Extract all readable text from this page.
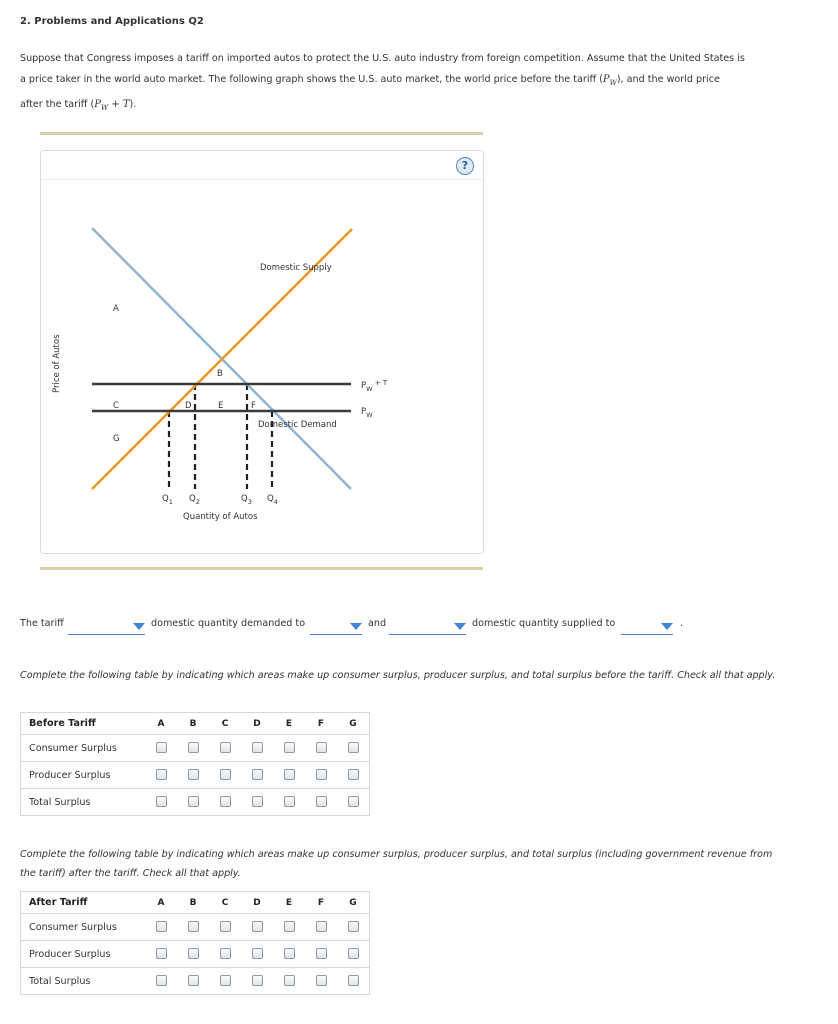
2. Problems and Applications Q2
Suppose that Congress imposes a tariff on imported autos to protect the U.S. auto industry from foreign competition. Assume that the United States is
a price taker in the world auto market. The following graph shows the U.S. auto market, the world price before the tariff $(P_W)$, and the world price
after the tariff $(P_W + T)$.
?
Price of Autos
Quantity of Autos
Domestic Supply
Domestic Demand
$P_W$ $^{+ T}$
$P_W$
A
B
C	D	E	F
G
$Q_1$ $Q_2$	$Q_3$ $Q_4$
The tariff	domestic quantity demanded to	and	domestic quantity supplied to	.
Complete the following table by indicating which areas make up consumer surplus, producer surplus, and total surplus before the tariff. Check all that apply.
Before Tariff	A	B	C	D	E	F	G
Consumer Surplus							
Producer Surplus							
Total Surplus							
Complete the following table by indicating which areas make up consumer surplus, producer surplus, and total surplus (including government revenue from the tariff) after the tariff. Check all that apply.
After Tariff	A	B	C	D	E	F	G
Consumer Surplus							
Producer Surplus							
Total Surplus							
